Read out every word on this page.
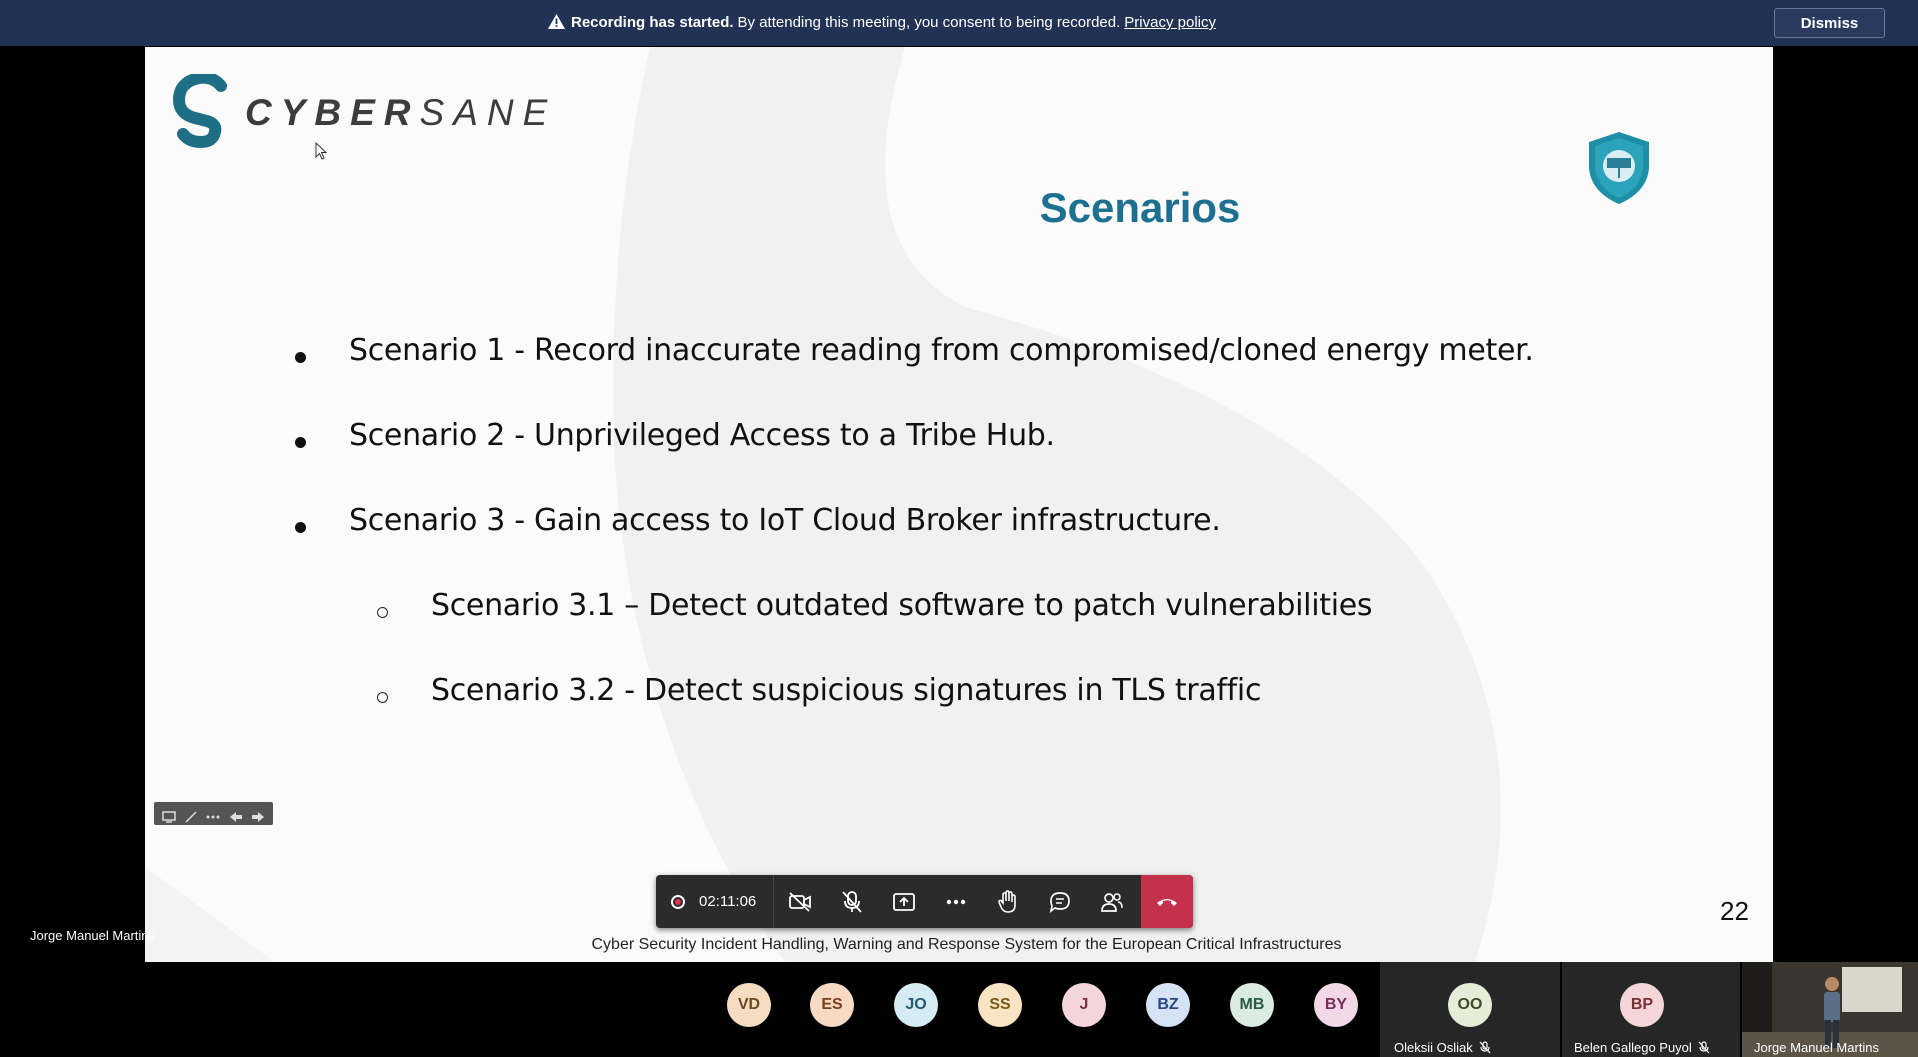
Recording has started. By attending this meeting, you consent to being recorded. Privacy policy	Dismiss
CYBERSANE
Scenarios
Scenario 1 - Record inaccurate reading from compromised/cloned energy meter.
Scenario 2 - Unprivileged Access to a Tribe Hub.
Scenario 3 - Gain access to IoT Cloud Broker infrastructure.
Scenario 3.1 – Detect outdated software to patch vulnerabilities
Scenario 3.2 - Detect suspicious signatures in TLS traffic
22
Cyber Security Incident Handling, Warning and Response System for the European Critical Infrastructures
Jorge Manuel Martins
02:11:06
VD	ES	JO	SS	J	BZ	MB	BY	OO
Oleksii Osliak
BP
Belen Gallego Puyol	Jorge Manuel Martins
